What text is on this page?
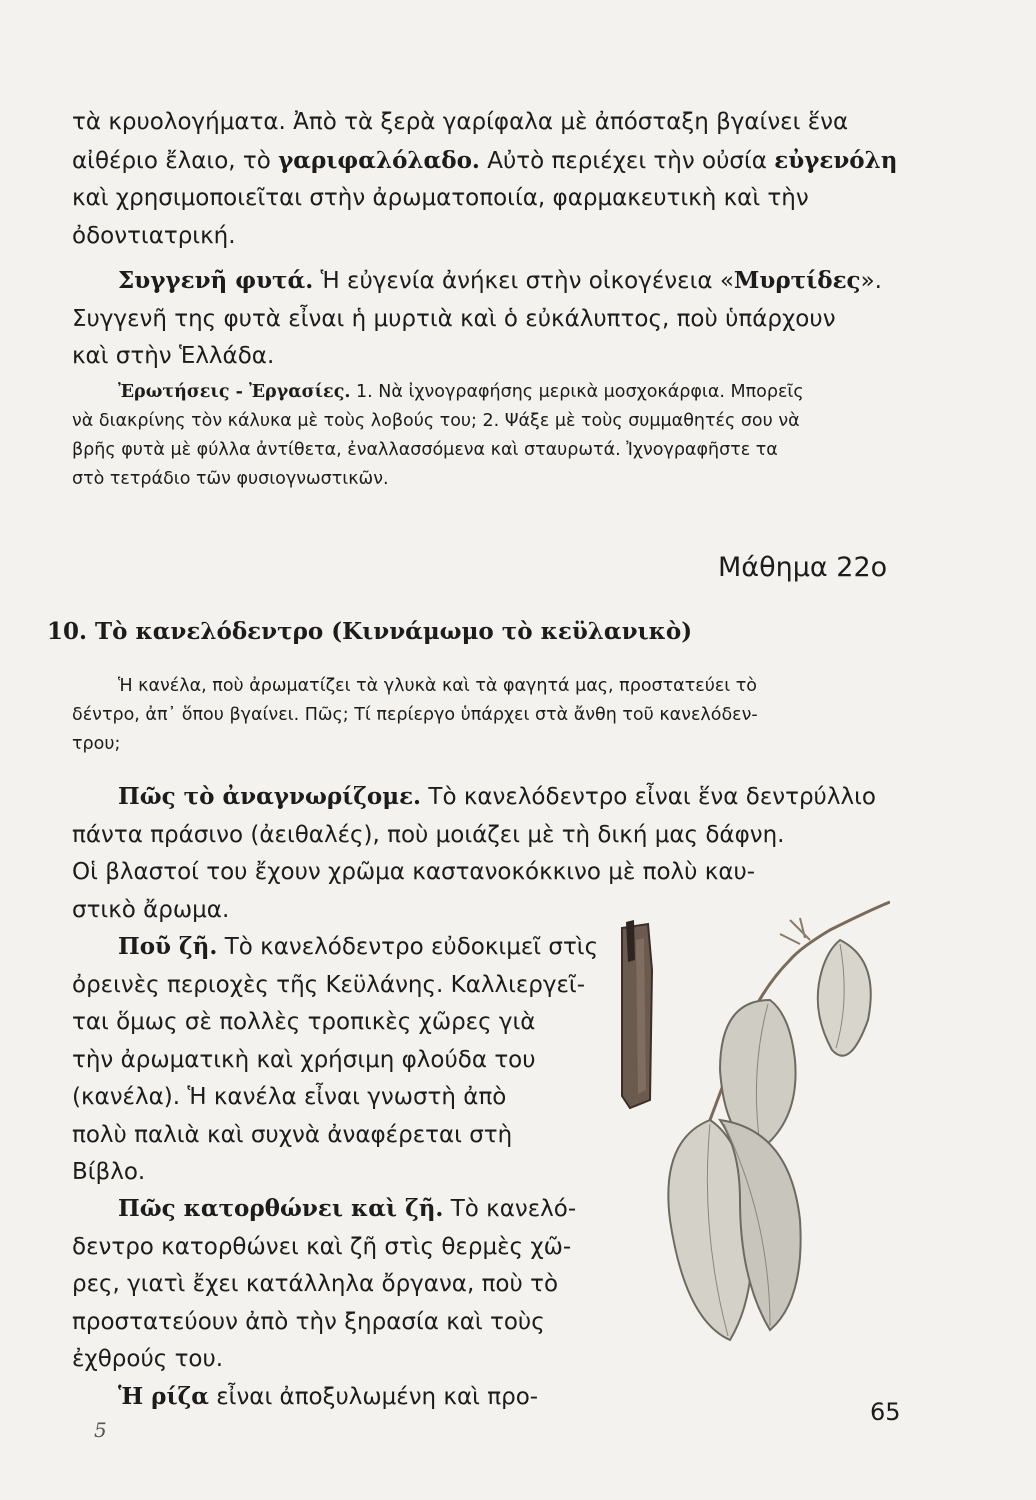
τὰ κρυολογήματα. Ἀπὸ τὰ ξερὰ γαρίφαλα μὲ ἀπόσταξη βγαίνει ἕνα

αἰθέριο ἔλαιο, τὸ γαριφαλόλαδο. Αὐτὸ περιέχει τὴν οὐσία εὐγενόλη

καὶ χρησιμοποιεῖται στὴν ἀρωματοποιία, φαρμακευτικὴ καὶ τὴν

ὀδοντιατρική.

Συγγενῆ φυτά. Ἡ εὐγενία ἀνήκει στὴν οἰκογένεια «Μυρτίδες».

Συγγενῆ της φυτὰ εἶναι ἡ μυρτιὰ καὶ ὁ εὐκάλυπτος, ποὺ ὑπάρχουν

καὶ στὴν Ἑλλάδα.

Ἐρωτήσεις - Ἐργασίες. 1. Νὰ ἰχνογραφήσης μερικὰ μοσχοκάρφια. Μπορεῖς

νὰ διακρίνης τὸν κάλυκα μὲ τοὺς λοβούς του; 2. Ψάξε μὲ τοὺς συμμαθητές σου νὰ

βρῆς φυτὰ μὲ φύλλα ἀντίθετα, ἐναλλασσόμενα καὶ σταυρωτά. Ἰχνογραφῆστε τα

στὸ τετράδιο τῶν φυσιογνωστικῶν.

Μάθημα 22ο
10. Τὸ κανελόδεντρο (Κιννάμωμο τὸ κεϋλανικὸ)

Ἡ κανέλα, ποὺ ἀρωματίζει τὰ γλυκὰ καὶ τὰ φαγητά μας, προστατεύει τὸ

δέντρο, ἀπ᾽ ὅπου βγαίνει. Πῶς; Τί περίεργο ὑπάρχει στὰ ἄνθη τοῦ κανελόδεν-

τρου;

Πῶς τὸ ἀναγνωρίζομε. Τὸ κανελόδεντρο εἶναι ἕνα δεντρύλλιο

πάντα πράσινο (ἀειθαλές), ποὺ μοιάζει μὲ τὴ δική μας δάφνη.

Οἱ βλαστοί του ἔχουν χρῶμα καστανοκόκκινο μὲ πολὺ καυ-

στικὸ ἄρωμα.

Ποῦ ζῆ. Τὸ κανελόδεντρο εὐδοκιμεῖ στὶς

ὀρεινὲς περιοχὲς τῆς Κεϋλάνης. Καλλιεργεῖ-

ται ὅμως σὲ πολλὲς τροπικὲς χῶρες γιὰ

τὴν ἀρωματικὴ καὶ χρήσιμη φλούδα του

(κανέλα). Ἡ κανέλα εἶναι γνωστὴ ἀπὸ

πολὺ παλιὰ καὶ συχνὰ ἀναφέρεται στὴ

Βίβλο.

Πῶς κατορθώνει καὶ ζῆ. Τὸ κανελό-

δεντρο κατορθώνει καὶ ζῆ στὶς θερμὲς χῶ-

ρες, γιατὶ ἔχει κατάλληλα ὄργανα, ποὺ τὸ

προστατεύουν ἀπὸ τὴν ξηρασία καὶ τοὺς

ἐχθρούς του.

Ἡ ρίζα εἶναι ἀποξυλωμένη καὶ προ-

5
65
